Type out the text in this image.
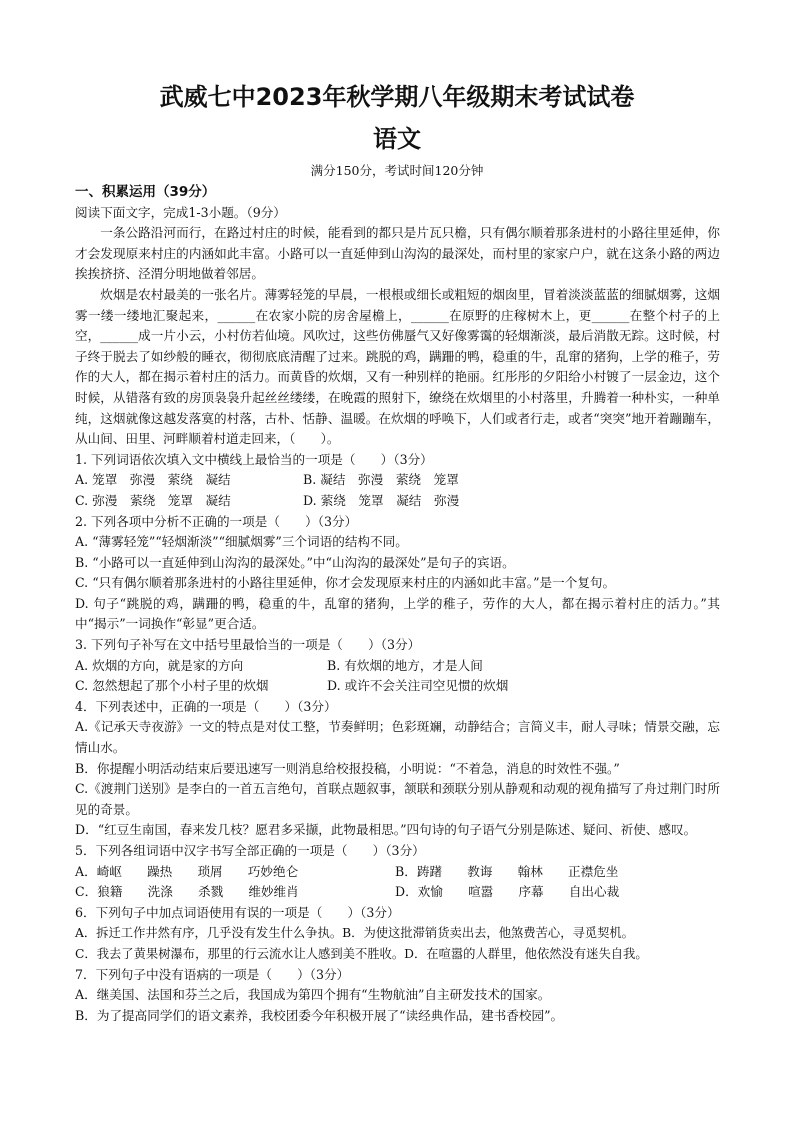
武威七中2023年秋学期八年级期末考试试卷
语文
满分150分，考试时间120分钟

一、积累运用（39分）

阅读下面文字，完成1-3小题。（9分）

一条公路沿河而行，在路过村庄的时候，能看到的都只是片瓦只檐，只有偶尔顺着那条进村的小路往里延伸，你才会发现原来村庄的内涵如此丰富。小路可以一直延伸到山沟沟的最深处，而村里的家家户户，就在这条小路的两边挨挨挤挤、泾渭分明地做着邻居。

炊烟是农村最美的一张名片。薄雾轻笼的早晨，一根根或细长或粗短的烟囱里，冒着淡淡蓝蓝的细腻烟雾，这烟雾一缕一缕地汇聚起来，______在农家小院的房舍屋檐上，______在原野的庄稼树木上，更______在整个村子的上空，______成一片小云，小村仿若仙境。风吹过，这些仿佛蜃气又好像雾霭的轻烟渐淡，最后消散无踪。这时候，村子终于脱去了如纱般的睡衣，彻彻底底清醒了过来。跳脱的鸡，蹒跚的鸭，稳重的牛，乱窜的猪狗，上学的稚子，劳作的大人，都在揭示着村庄的活力。而黄昏的炊烟，又有一种别样的艳丽。红彤彤的夕阳给小村镀了一层金边，这个时候，从错落有致的房顶袅袅升起丝丝缕缕，在晚霞的照射下，缭绕在炊烟里的小村落里，升腾着一种朴实，一种单纯，这烟就像这越发落寞的村落，古朴、恬静、温暖。在炊烟的呼唤下，人们或者行走，或者“突突”地开着蹦蹦车，从山间、田里、河畔顺着村道走回来，（　　）。

1. 下列词语依次填入文中横线上最恰当的一项是（　　）（3分）

A. 笼罩　弥漫　萦绕　凝结	B. 凝结　弥漫　萦绕　笼罩
C. 弥漫　萦绕　笼罩　凝结	D. 萦绕　笼罩　凝结　弥漫

2. 下列各项中分析不正确的一项是（　　）（3分）

A. “薄雾轻笼”“轻烟渐淡”“细腻烟雾”三个词语的结构不同。

B. “小路可以一直延伸到山沟沟的最深处。”中“山沟沟的最深处”是句子的宾语。

C. “只有偶尔顺着那条进村的小路往里延伸，你才会发现原来村庄的内涵如此丰富。”是一个复句。

D. 句子“跳脱的鸡，蹒跚的鸭，稳重的牛，乱窜的猪狗，上学的稚子，劳作的大人，都在揭示着村庄的活力。”其中“揭示”一词换作“彰显”更合适。

3. 下列句子补写在文中括号里最恰当的一项是（　　）（3分）

A. 炊烟的方向，就是家的方向	B. 有炊烟的地方，才是人间
C. 忽然想起了那个小村子里的炊烟	D. 或许不会关注司空见惯的炊烟

4．下列表述中，正确的一项是（　　）（3分）

A.《记承天寺夜游》一文的特点是对仗工整，节奏鲜明；色彩斑斓，动静结合；言简义丰，耐人寻味；情景交融，忘情山水。

B．你提醒小明活动结束后要迅速写一则消息给校报投稿，小明说：“不着急，消息的时效性不强。”

C.《渡荆门送别》是李白的一首五言绝句，首联点题叙事，颔联和颈联分别从静观和动观的视角描写了舟过荆门时所见的奇景。

D．“红豆生南国，春来发几枝？愿君多采撷，此物最相思。”四句诗的句子语气分别是陈述、疑问、祈使、感叹。

5．下列各组词语中汉字书写全部正确的一项是（　　）（3分）

A．崎岖　　躁热　　琐屑　　巧妙绝仑	B．踌躇　　教诲　　翰林　　正襟危坐
C．狼籍　　洗涤　　杀戮　　维妙维肖	D．欢愉　　喧嚣　　序幕　　自出心裁

6．下列句子中加点词语使用有误的一项是（　　）（3分）

A．拆迁工作井然有序，几乎没有发生什么争执。B．为使这批滞销货卖出去，他煞费苦心，寻觅契机。

C．我去了黄果树瀑布，那里的行云流水让人感到美不胜收。D．在喧嚣的人群里，他依然没有迷失自我。

7．下列句子中没有语病的一项是（　　）（3分）

A．继美国、法国和芬兰之后，我国成为第四个拥有“生物航油”自主研发技术的国家。

B．为了提高同学们的语文素养，我校团委今年积极开展了“读经典作品，建书香校园”。
